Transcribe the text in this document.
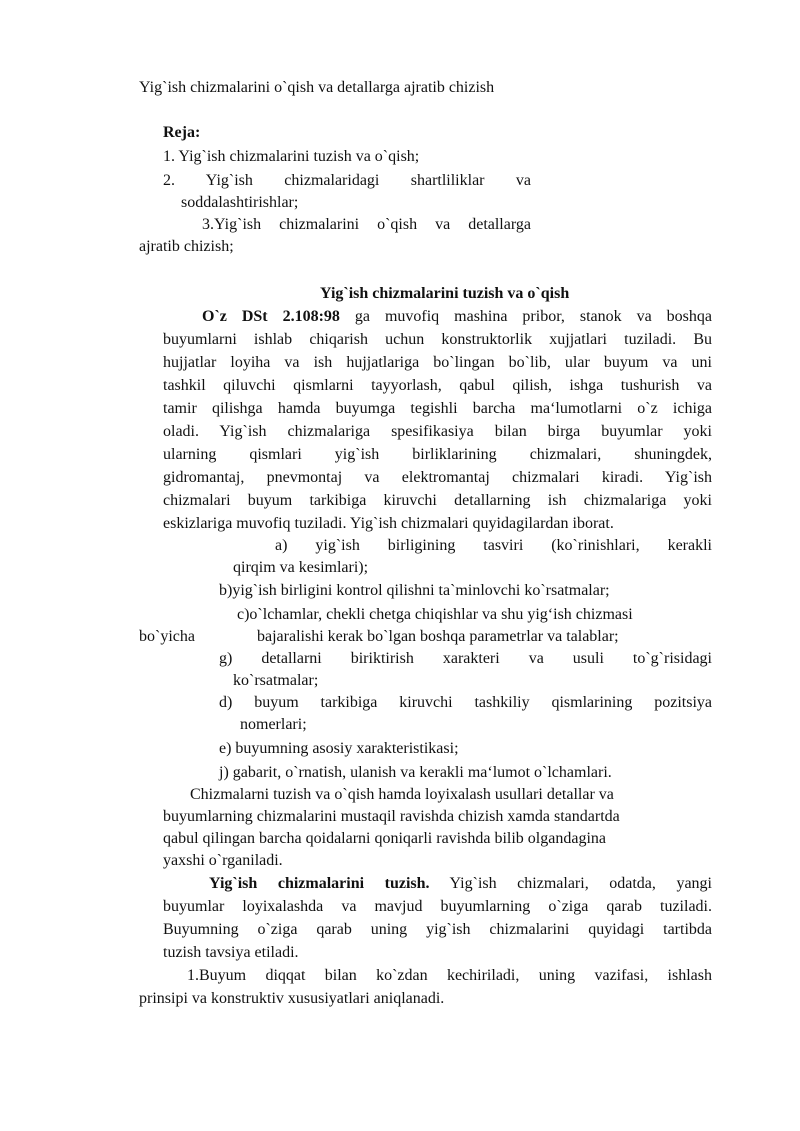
Yig`ish chizmalarini o`qish va detallarga ajratib chizish
Reja:
1. Yig`ish chizmalarini tuzish va o`qish;
2. Yig`ish chizmalaridagi shartliliklar va
soddalashtirishlar;
3.Yig`ish chizmalarini o`qish va detallarga
ajratib chizish;
Yig`ish chizmalarini tuzish va o`qish
O`z DSt 2.108:98 ga muvofiq mashina pribor, stanok va boshqa
buyumlarni ishlab chiqarish uchun konstruktorlik xujjatlari tuziladi. Bu
hujjatlar loyiha va ish hujjatlariga bo`lingan bo`lib, ular buyum va uni
tashkil qiluvchi qismlarni tayyorlash, qabul qilish, ishga tushurish va
tamir qilishga hamda buyumga tegishli barcha ma‘lumotlarni o`z ichiga
oladi. Yig`ish chizmalariga spesifikasiya bilan birga buyumlar yoki
ularning qismlari yig`ish birliklarining chizmalari, shuningdek,
gidromantaj, pnevmontaj va elektromantaj chizmalari kiradi. Yig`ish
chizmalari buyum tarkibiga kiruvchi detallarning ish chizmalariga yoki
eskizlariga muvofiq tuziladi. Yig`ish chizmalari quyidagilardan iborat.
a) yig`ish birligining tasviri (ko`rinishlari, kerakli
qirqim va kesimlari);
b)yig`ish birligini kontrol qilishni ta`minlovchi ko`rsatmalar;
c)o`lchamlar, chekli chetga chiqishlar va shu yig‘ish chizmasi
bo`yicha	bajaralishi kerak bo`lgan boshqa parametrlar va talablar;
g) detallarni biriktirish xarakteri va usuli to`g`risidagi
ko`rsatmalar;
d) buyum tarkibiga kiruvchi tashkiliy qismlarining pozitsiya
nomerlari;
e) buyumning asosiy xarakteristikasi;
j) gabarit, o`rnatish, ulanish va kerakli ma‘lumot o`lchamlari.
Chizmalarni tuzish va o`qish hamda loyixalash usullari detallar va
buyumlarning chizmalarini mustaqil ravishda chizish xamda standartda
qabul qilingan barcha qoidalarni qoniqarli ravishda bilib olgandagina
yaxshi o`rganiladi.
Yig`ish chizmalarini tuzish. Yig`ish chizmalari, odatda, yangi
buyumlar loyixalashda va mavjud buyumlarning o`ziga qarab tuziladi.
Buyumning o`ziga qarab uning yig`ish chizmalarini quyidagi tartibda
tuzish tavsiya etiladi.
1.Buyum diqqat bilan ko`zdan kechiriladi, uning vazifasi, ishlash
prinsipi va konstruktiv xususiyatlari aniqlanadi.
